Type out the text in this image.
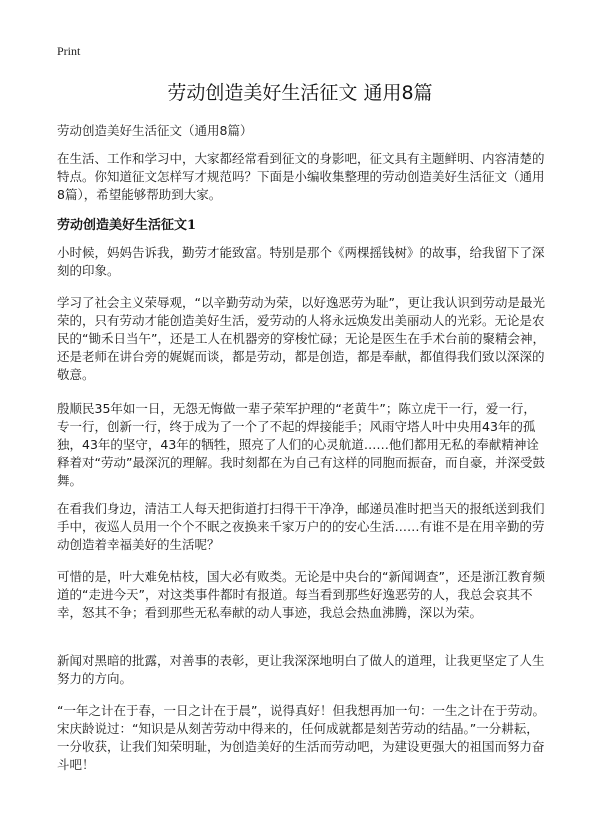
Print
劳动创造美好生活征文 通用8篇
劳动创造美好生活征文（通用8篇）

在生活、工作和学习中，大家都经常看到征文的身影吧，征文具有主题鲜明、内容清楚的特点。你知道征文怎样写才规范吗？下面是小编收集整理的劳动创造美好生活征文（通用8篇），希望能够帮助到大家。

劳动创造美好生活征文1

小时候，妈妈告诉我，勤劳才能致富。特别是那个《两棵摇钱树》的故事，给我留下了深刻的印象。

学习了社会主义荣辱观，“以辛勤劳动为荣，以好逸恶劳为耻”，更让我认识到劳动是最光荣的，只有劳动才能创造美好生活，爱劳动的人将永远焕发出美丽动人的光彩。无论是农民的“锄禾日当午”，还是工人在机器旁的穿梭忙碌；无论是医生在手术台前的聚精会神，还是老师在讲台旁的娓娓而谈，都是劳动，都是创造，都是奉献，都值得我们致以深深的敬意。

殷顺民35年如一日，无怨无悔做一辈子荣军护理的“老黄牛”；陈立虎干一行，爱一行，专一行，创新一行，终于成为了一个了不起的焊接能手；风雨守塔人叶中央用43年的孤独，43年的坚守，43年的牺牲，照亮了人们的心灵航道……他们都用无私的奉献精神诠释着对“劳动”最深沉的理解。我时刻都在为自己有这样的同胞而振奋，而自豪，并深受鼓舞。

在看我们身边，清洁工人每天把街道打扫得干干净净，邮递员准时把当天的报纸送到我们手中，夜巡人员用一个个不眠之夜换来千家万户的的安心生活……有谁不是在用辛勤的劳动创造着幸福美好的生活呢？

可惜的是，叶大难免枯枝，国大必有败类。无论是中央台的“新闻调查”，还是浙江教育频道的“走进今天”，对这类事件都时有报道。每当看到那些好逸恶劳的人，我总会哀其不幸，怒其不争；看到那些无私奉献的动人事迹，我总会热血沸腾，深以为荣。

新闻对黑暗的批露，对善事的表彰，更让我深深地明白了做人的道理，让我更坚定了人生努力的方向。

“一年之计在于春，一日之计在于晨”，说得真好！但我想再加一句：一生之计在于劳动。宋庆龄说过：“知识是从刻苦劳动中得来的，任何成就都是刻苦劳动的结晶。”一分耕耘，一分收获，让我们知荣明耻，为创造美好的生活而劳动吧，为建设更强大的祖国而努力奋斗吧！
